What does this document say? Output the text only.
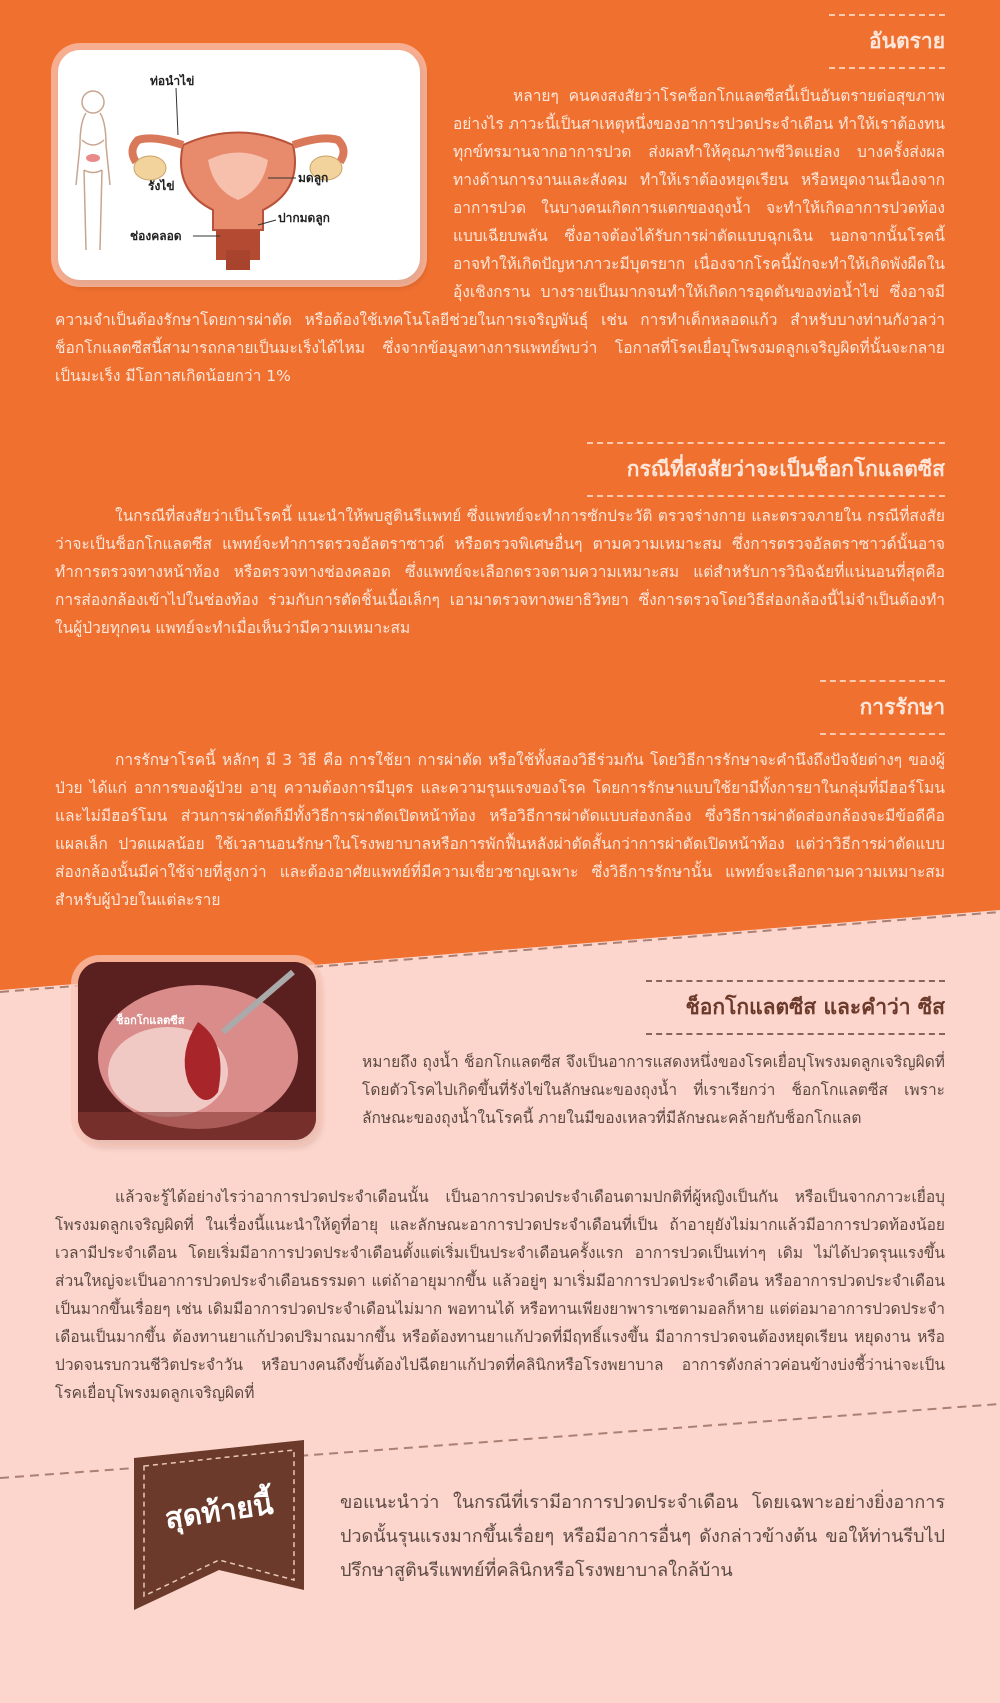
อันตราย
ท่อนำไข่
รังไข่
มดลูก
ปากมดลูก
ช่องคลอด

หลายๆ คนคงสงสัยว่าโรคช็อกโกแลตซีสนี้เป็นอันตรายต่อสุขภาพอย่างไร ภาวะนี้เป็นสาเหตุหนึ่งของอาการปวดประจำเดือน ทำให้เราต้องทนทุกข์ทรมานจากอาการปวด ส่งผลทำให้คุณภาพชีวิตแย่ลง บางครั้งส่งผลทางด้านการงานและสังคม ทำให้เราต้องหยุดเรียน หรือหยุดงานเนื่องจากอาการปวด ในบางคนเกิดการแตกของถุงน้ำ จะทำให้เกิดอาการปวดท้องแบบเฉียบพลัน ซึ่งอาจต้องได้รับการผ่าตัดแบบฉุกเฉิน นอกจากนั้นโรคนี้อาจทำให้เกิดปัญหาภาวะมีบุตรยาก เนื่องจากโรคนี้มักจะทำให้เกิดพังผืดในอุ้งเชิงกราน บางรายเป็นมากจนทำให้เกิดการอุดตันของท่อน้ำไข่ ซึ่งอาจมีความจำเป็นต้องรักษาโดยการผ่าตัด หรือต้องใช้เทคโนโลยีช่วยในการเจริญพันธุ์ เช่น การทำเด็กหลอดแก้ว สำหรับบางท่านกังวลว่า ช็อกโกแลตซีสนี้สามารถกลายเป็นมะเร็งได้ไหม ซึ่งจากข้อมูลทางการแพทย์พบว่า โอกาสที่โรคเยื่อบุโพรงมดลูกเจริญผิดที่นั้นจะกลายเป็นมะเร็ง มีโอกาสเกิดน้อยกว่า 1%

กรณีที่สงสัยว่าจะเป็นช็อกโกแลตซีส

ในกรณีที่สงสัยว่าเป็นโรคนี้ แนะนำให้พบสูตินรีแพทย์ ซึ่งแพทย์จะทำการซักประวัติ ตรวจร่างกาย และตรวจภายใน กรณีที่สงสัยว่าจะเป็นช็อกโกแลตซีส แพทย์จะทำการตรวจอัลตราซาวด์ หรือตรวจพิเศษอื่นๆ ตามความเหมาะสม ซึ่งการตรวจอัลตราซาวด์นั้นอาจทำการตรวจทางหน้าท้อง หรือตรวจทางช่องคลอด ซึ่งแพทย์จะเลือกตรวจตามความเหมาะสม แต่สำหรับการวินิจฉัยที่แน่นอนที่สุดคือ การส่องกล้องเข้าไปในช่องท้อง ร่วมกับการตัดชิ้นเนื้อเล็กๆ เอามาตรวจทางพยาธิวิทยา ซึ่งการตรวจโดยวิธีส่องกล้องนี้ไม่จำเป็นต้องทำในผู้ป่วยทุกคน แพทย์จะทำเมื่อเห็นว่ามีความเหมาะสม

การรักษา

การรักษาโรคนี้ หลักๆ มี 3 วิธี คือ การใช้ยา การผ่าตัด หรือใช้ทั้งสองวิธีร่วมกัน โดยวิธีการรักษาจะคำนึงถึงปัจจัยต่างๆ ของผู้ป่วย ได้แก่ อาการของผู้ป่วย อายุ ความต้องการมีบุตร และความรุนแรงของโรค โดยการรักษาแบบใช้ยามีทั้งการยาในกลุ่มที่มีฮอร์โมน และไม่มีฮอร์โมน ส่วนการผ่าตัดก็มีทั้งวิธีการผ่าตัดเปิดหน้าท้อง หรือวิธีการผ่าตัดแบบส่องกล้อง ซึ่งวิธีการผ่าตัดส่องกล้องจะมีข้อดีคือ แผลเล็ก ปวดแผลน้อย ใช้เวลานอนรักษาในโรงพยาบาลหรือการพักฟื้นหลังผ่าตัดสั้นกว่าการผ่าตัดเปิดหน้าท้อง แต่ว่าวิธีการผ่าตัดแบบส่องกล้องนั้นมีค่าใช้จ่ายที่สูงกว่า และต้องอาศัยแพทย์ที่มีความเชี่ยวชาญเฉพาะ ซึ่งวิธีการรักษานั้น แพทย์จะเลือกตามความเหมาะสมสำหรับผู้ป่วยในแต่ละราย

ช็อกโกแลตซีส
ช็อกโกแลตซีส และคำว่า ซีส

หมายถึง ถุงน้ำ ช็อกโกแลตซีส จึงเป็นอาการแสดงหนึ่งของโรคเยื่อบุโพรงมดลูกเจริญผิดที่ โดยตัวโรคไปเกิดขึ้นที่รังไข่ในลักษณะของถุงน้ำ ที่เราเรียกว่า ช็อกโกแลตซีส เพราะลักษณะของถุงน้ำในโรคนี้ ภายในมีของเหลวที่มีลักษณะคล้ายกับช็อกโกแลต

แล้วจะรู้ได้อย่างไรว่าอาการปวดประจำเดือนนั้น เป็นอาการปวดประจำเดือนตามปกติที่ผู้หญิงเป็นกัน หรือเป็นจากภาวะเยื่อบุโพรงมดลูกเจริญผิดที่ ในเรื่องนี้แนะนำให้ดูที่อายุ และลักษณะอาการปวดประจำเดือนที่เป็น ถ้าอายุยังไม่มากแล้วมีอาการปวดท้องน้อยเวลามีประจำเดือน โดยเริ่มมีอาการปวดประจำเดือนตั้งแต่เริ่มเป็นประจำเดือนครั้งแรก อาการปวดเป็นเท่าๆ เดิม ไม่ได้ปวดรุนแรงขึ้น ส่วนใหญ่จะเป็นอาการปวดประจำเดือนธรรมดา แต่ถ้าอายุมากขึ้น แล้วอยู่ๆ มาเริ่มมีอาการปวดประจำเดือน หรืออาการปวดประจำเดือนเป็นมากขึ้นเรื่อยๆ เช่น เดิมมีอาการปวดประจำเดือนไม่มาก พอทานได้ หรือทานเพียงยาพาราเซตามอลก็หาย แต่ต่อมาอาการปวดประจำเดือนเป็นมากขึ้น ต้องทานยาแก้ปวดปริมาณมากขึ้น หรือต้องทานยาแก้ปวดที่มีฤทธิ์แรงขึ้น มีอาการปวดจนต้องหยุดเรียน หยุดงาน หรือปวดจนรบกวนชีวิตประจำวัน หรือบางคนถึงขั้นต้องไปฉีดยาแก้ปวดที่คลินิกหรือโรงพยาบาล อาการดังกล่าวค่อนข้างบ่งชี้ว่าน่าจะเป็นโรคเยื่อบุโพรงมดลูกเจริญผิดที่

สุดท้ายนี้	ขอแนะนำว่า ในกรณีที่เรามีอาการปวดประจำเดือน โดยเฉพาะอย่างยิ่งอาการปวดนั้นรุนแรงมากขึ้นเรื่อยๆ หรือมีอาการอื่นๆ ดังกล่าวข้างต้น ขอให้ท่านรีบไปปรึกษาสูตินรีแพทย์ที่คลินิกหรือโรงพยาบาลใกล้บ้าน
